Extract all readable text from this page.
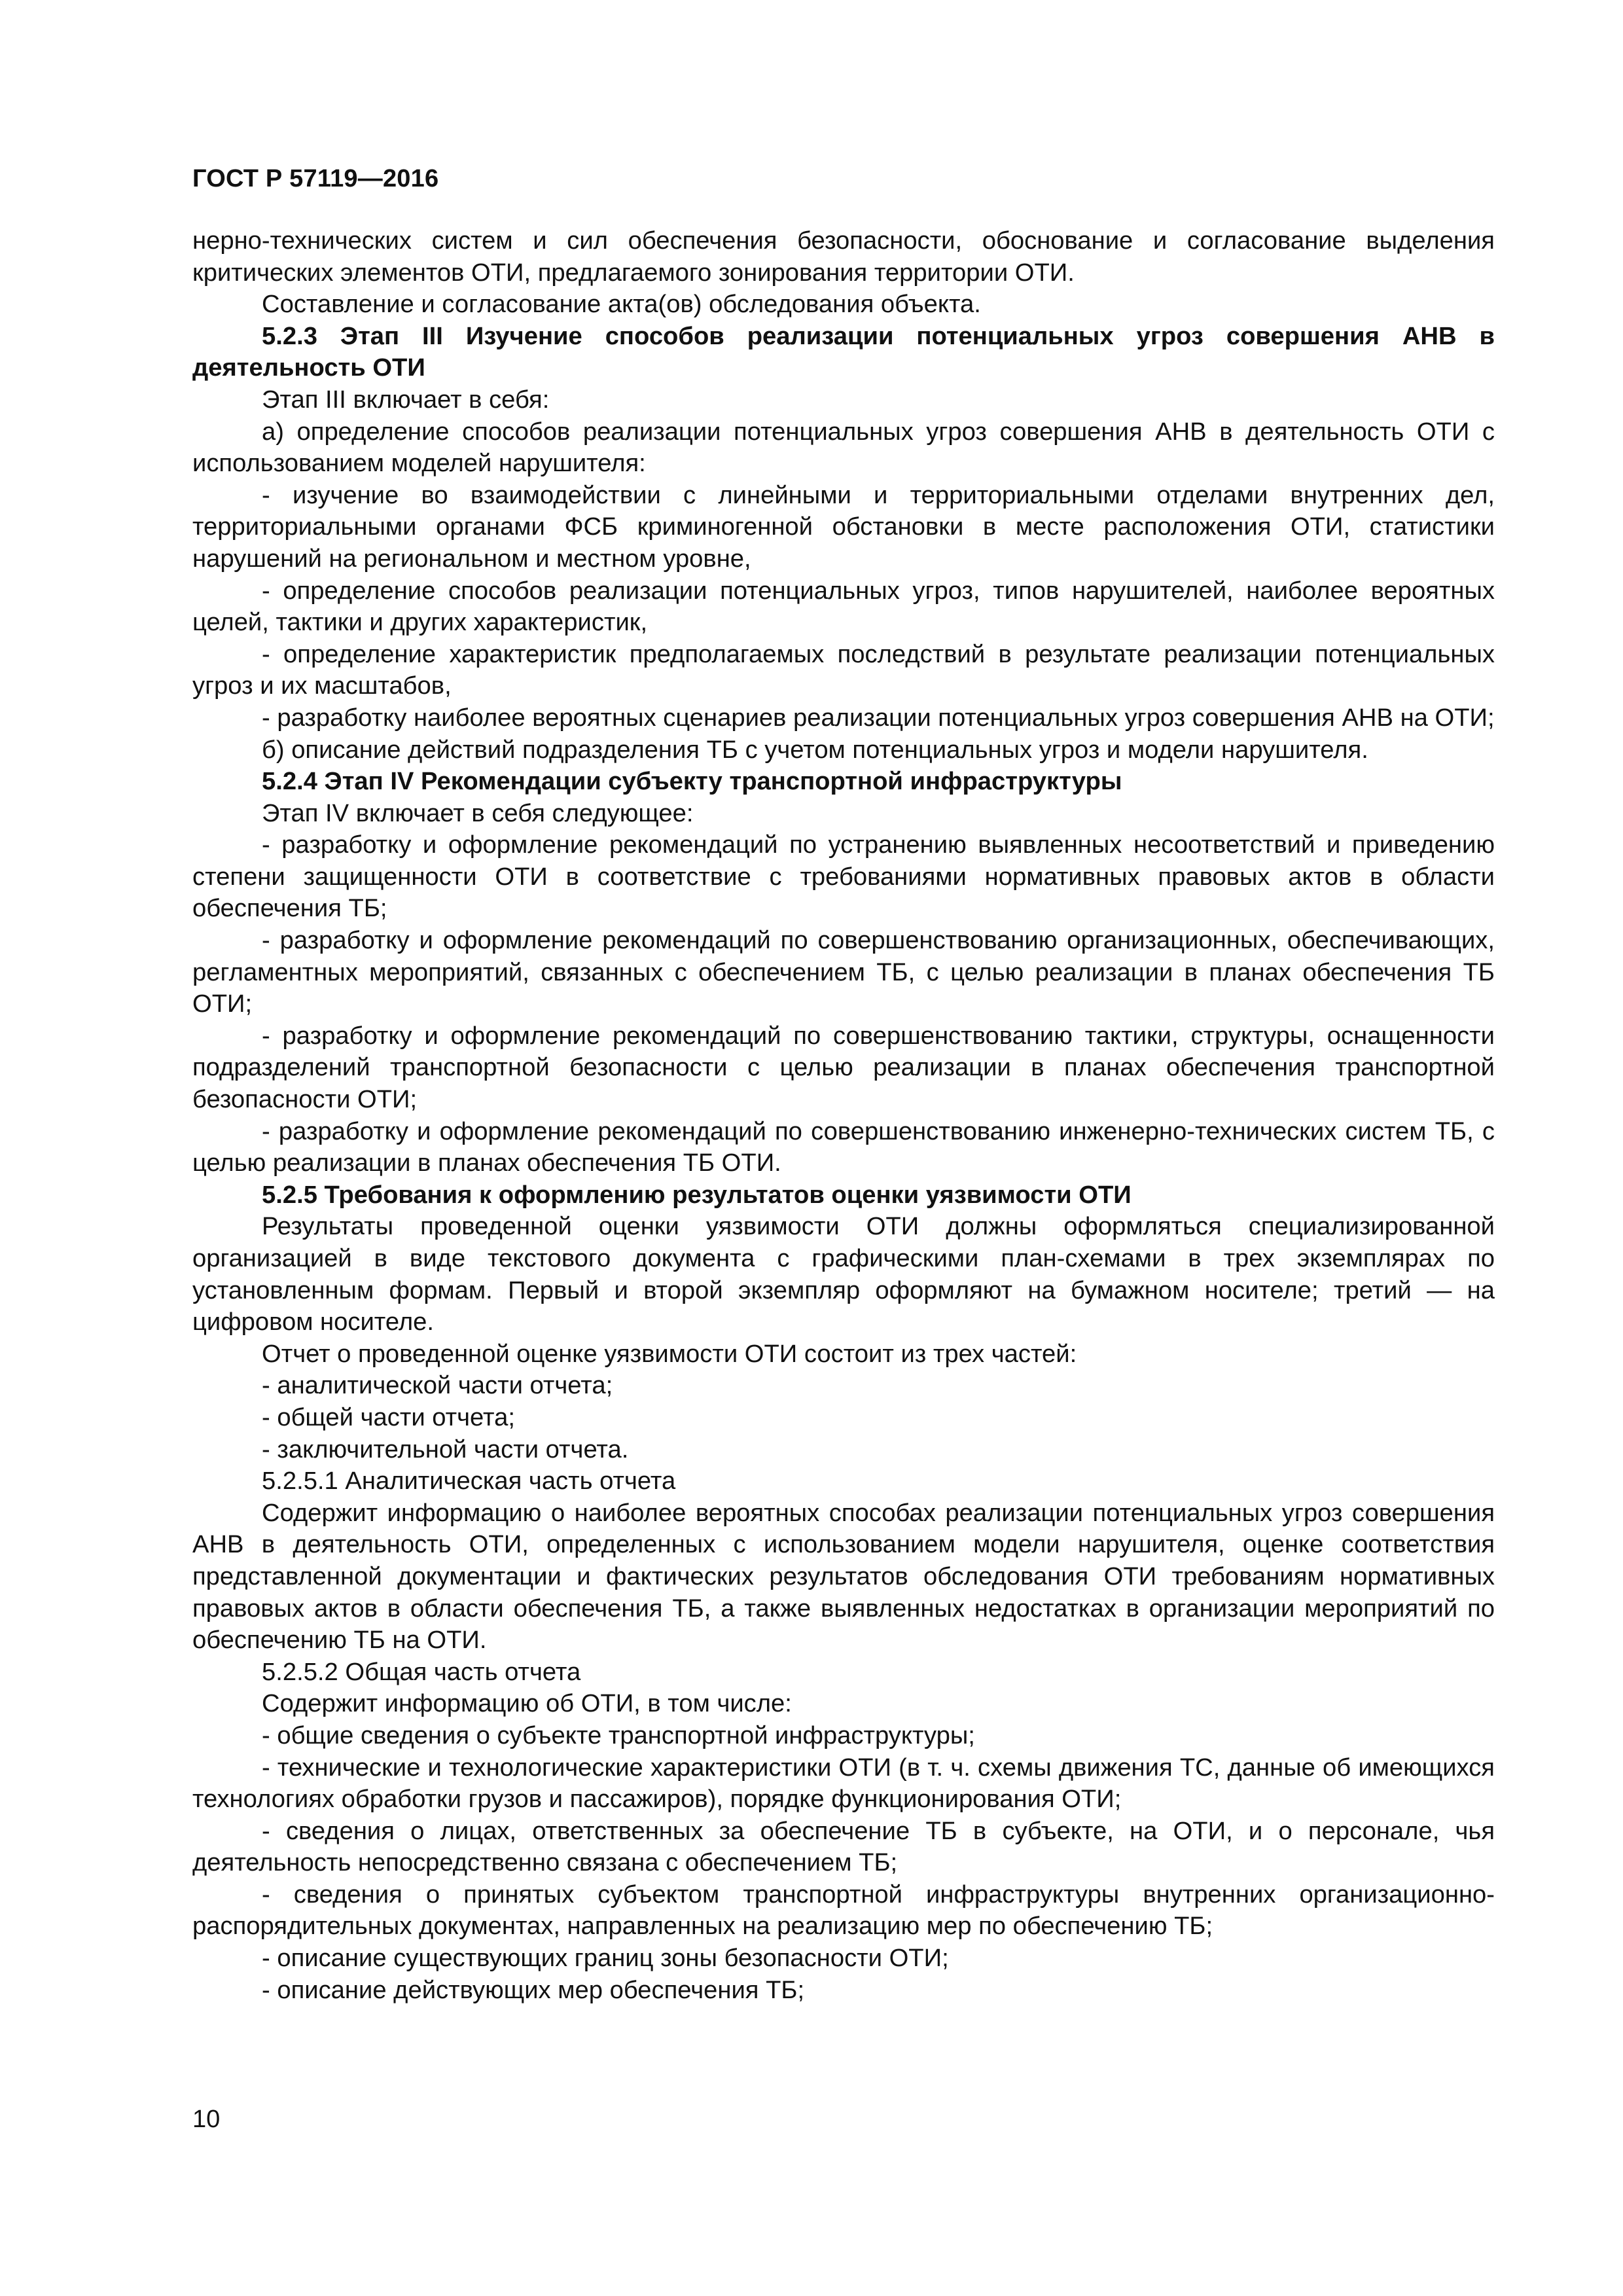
ГОСТ Р 57119—2016

нерно-технических систем и сил обеспечения безопасности, обоснование и согласование выделения критических элементов ОТИ, предлагаемого зонирования территории ОТИ.

Составление и согласование акта(ов) обследования объекта.

5.2.3 Этап III Изучение способов реализации потенциальных угроз совершения АНВ в деятельность ОТИ

Этап III включает в себя:

а) определение способов реализации потенциальных угроз совершения АНВ в деятельность ОТИ с использованием моделей нарушителя:

- изучение во взаимодействии с линейными и территориальными отделами внутренних дел, территориальными органами ФСБ криминогенной обстановки в месте расположения ОТИ, статистики нарушений на региональном и местном уровне,

- определение способов реализации потенциальных угроз, типов нарушителей, наиболее вероятных целей, тактики и других характеристик,

- определение характеристик предполагаемых последствий в результате реализации потенциальных угроз и их масштабов,

- разработку наиболее вероятных сценариев реализации потенциальных угроз совершения АНВ на ОТИ;

б) описание действий подразделения ТБ с учетом потенциальных угроз и модели нарушителя.

5.2.4 Этап IV Рекомендации субъекту транспортной инфраструктуры

Этап IV включает в себя следующее:

- разработку и оформление рекомендаций по устранению выявленных несоответствий и приведению степени защищенности ОТИ в соответствие с требованиями нормативных правовых актов в области обеспечения ТБ;

- разработку и оформление рекомендаций по совершенствованию организационных, обеспечивающих, регламентных мероприятий, связанных с обеспечением ТБ, с целью реализации в планах обеспечения ТБ ОТИ;

- разработку и оформление рекомендаций по совершенствованию тактики, структуры, оснащенности подразделений транспортной безопасности с целью реализации в планах обеспечения транспортной безопасности ОТИ;

- разработку и оформление рекомендаций по совершенствованию инженерно-технических систем ТБ, с целью реализации в планах обеспечения ТБ ОТИ.

5.2.5 Требования к оформлению результатов оценки уязвимости ОТИ

Результаты проведенной оценки уязвимости ОТИ должны оформляться специализированной организацией в виде текстового документа с графическими план-схемами в трех экземплярах по установленным формам. Первый и второй экземпляр оформляют на бумажном носителе; третий — на цифровом носителе.

Отчет о проведенной оценке уязвимости ОТИ состоит из трех частей:

- аналитической части отчета;

- общей части отчета;

- заключительной части отчета.

5.2.5.1 Аналитическая часть отчета

Содержит информацию о наиболее вероятных способах реализации потенциальных угроз совершения АНВ в деятельность ОТИ, определенных с использованием модели нарушителя, оценке соответствия представленной документации и фактических результатов обследования ОТИ требованиям нормативных правовых актов в области обеспечения ТБ, а также выявленных недостатках в организации мероприятий по обеспечению ТБ на ОТИ.

5.2.5.2 Общая часть отчета

Содержит информацию об ОТИ, в том числе:

- общие сведения о субъекте транспортной инфраструктуры;

- технические и технологические характеристики ОТИ (в т. ч. схемы движения ТС, данные об имеющихся технологиях обработки грузов и пассажиров), порядке функционирования ОТИ;

- сведения о лицах, ответственных за обеспечение ТБ в субъекте, на ОТИ, и о персонале, чья деятельность непосредственно связана с обеспечением ТБ;

- сведения о принятых субъектом транспортной инфраструктуры внутренних организационно-распорядительных документах, направленных на реализацию мер по обеспечению ТБ;

- описание существующих границ зоны безопасности ОТИ;

- описание действующих мер обеспечения ТБ;

10
